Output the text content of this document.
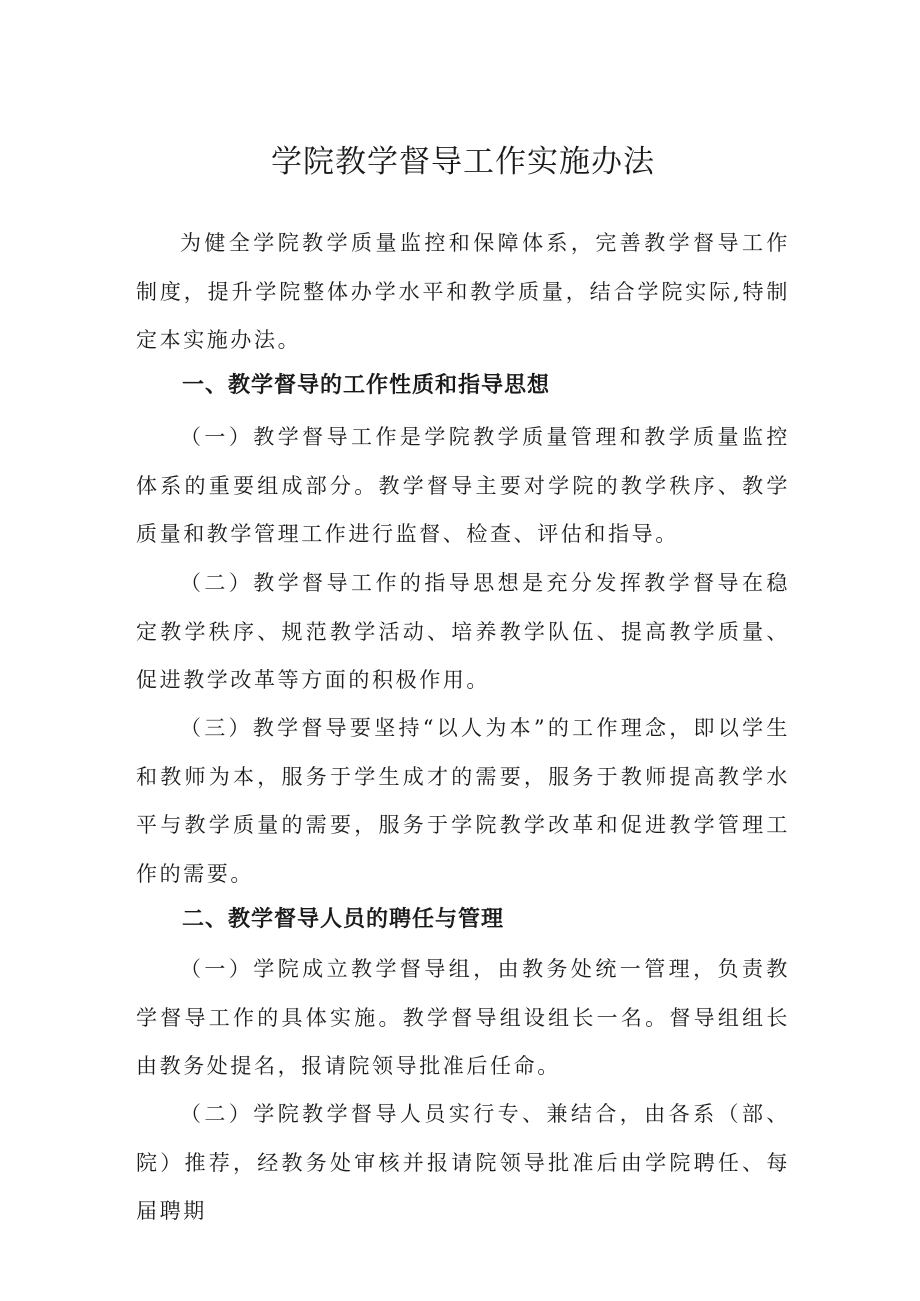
学院教学督导工作实施办法

为健全学院教学质量监控和保障体系，完善教学督导工作制度，提升学院整体办学水平和教学质量，结合学院实际,特制定本实施办法。

一、教学督导的工作性质和指导思想

（一）教学督导工作是学院教学质量管理和教学质量监控体系的重要组成部分。教学督导主要对学院的教学秩序、教学质量和教学管理工作进行监督、检查、评估和指导。

（二）教学督导工作的指导思想是充分发挥教学督导在稳定教学秩序、规范教学活动、培养教学队伍、提高教学质量、促进教学改革等方面的积极作用。

（三）教学督导要坚持“以人为本”的工作理念，即以学生和教师为本，服务于学生成才的需要，服务于教师提高教学水平与教学质量的需要，服务于学院教学改革和促进教学管理工作的需要。

二、教学督导人员的聘任与管理

（一）学院成立教学督导组，由教务处统一管理，负责教学督导工作的具体实施。教学督导组设组长一名。督导组组长由教务处提名，报请院领导批准后任命。

（二）学院教学督导人员实行专、兼结合，由各系（部、院）推荐，经教务处审核并报请院领导批准后由学院聘任、每届聘期
